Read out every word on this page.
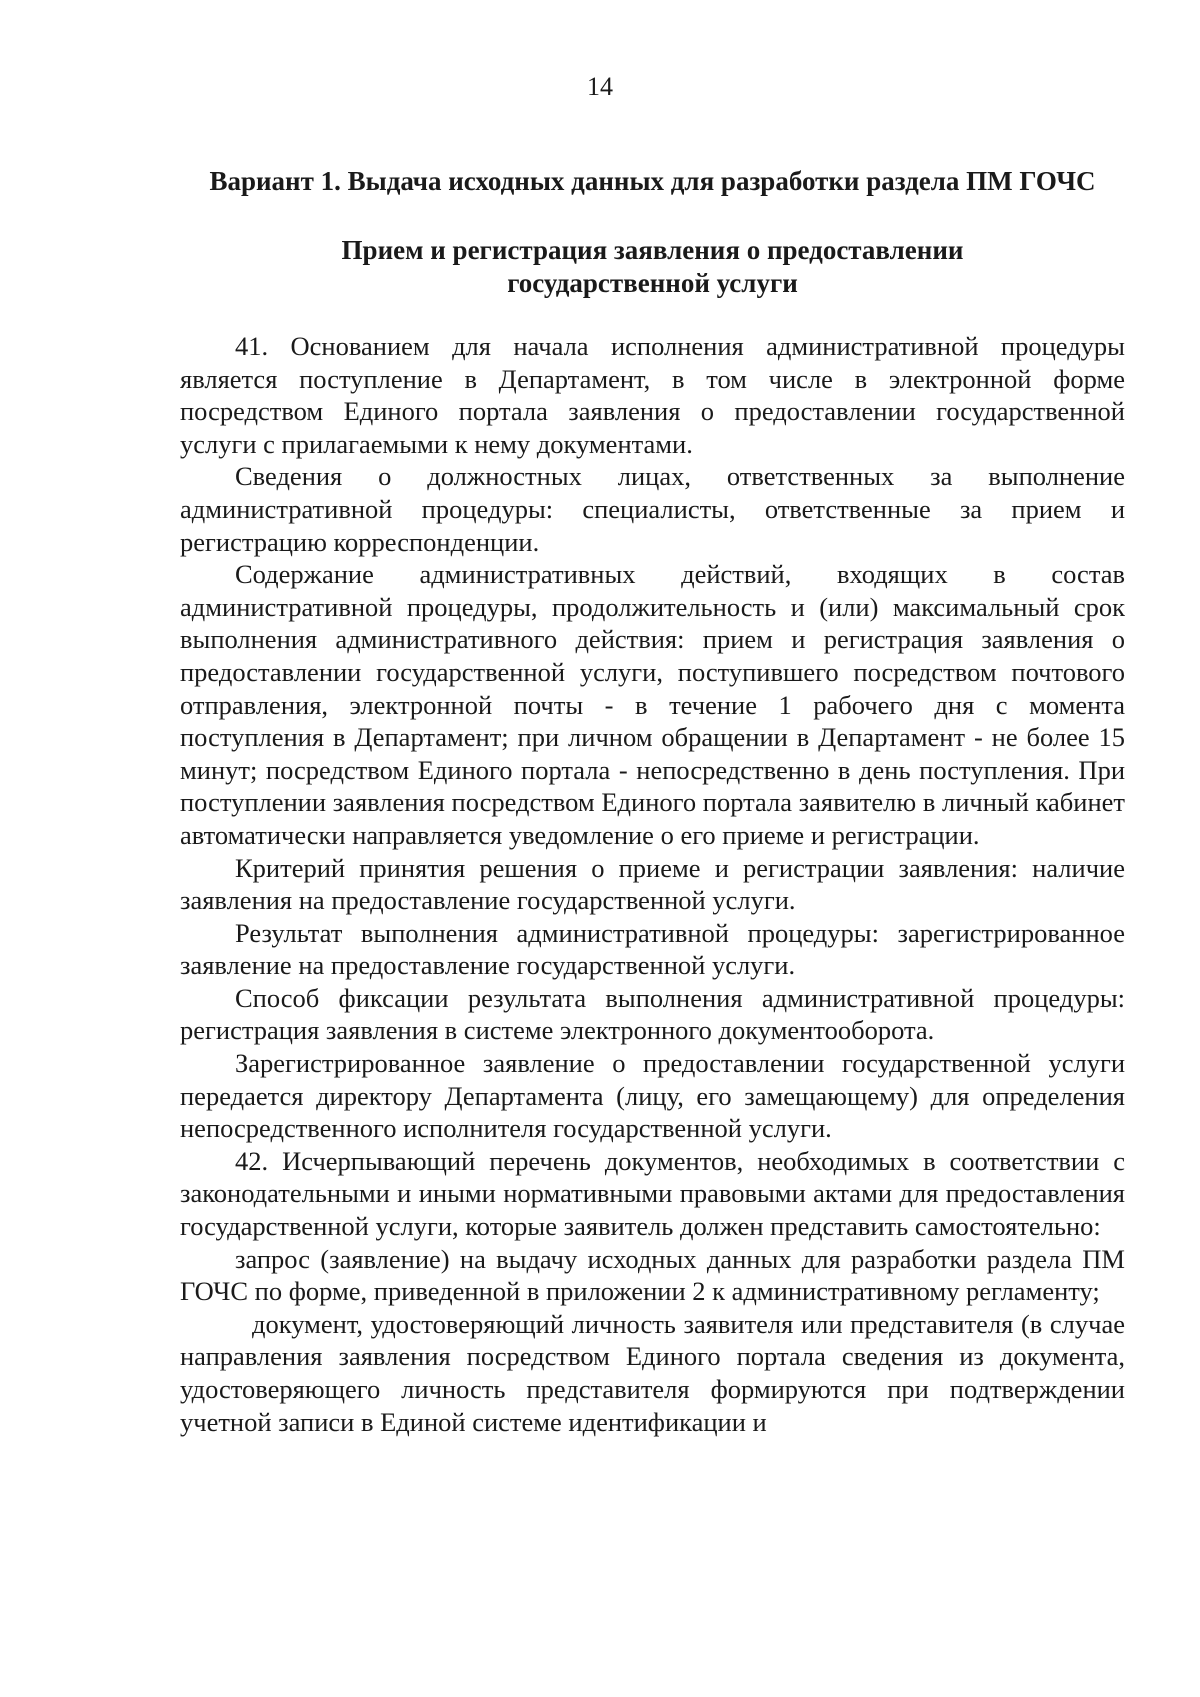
14
Вариант 1. Выдача исходных данных для разработки раздела ПМ ГОЧС
Прием и регистрация заявления о предоставлении
государственной услуги

41. Основанием для начала исполнения административной процедуры является поступление в Департамент, в том числе в электронной форме посредством Единого портала заявления о предоставлении государственной услуги с прилагаемыми к нему документами.

Сведения о должностных лицах, ответственных за выполнение административной процедуры: специалисты, ответственные за прием и регистрацию корреспонденции.

Содержание административных действий, входящих в состав административной процедуры, продолжительность и (или) максимальный срок выполнения административного действия: прием и регистрация заявления о предоставлении государственной услуги, поступившего посредством почтового отправления, электронной почты - в течение 1 рабочего дня с момента поступления в Департамент; при личном обращении в Департамент - не более 15 минут; посредством Единого портала - непосредственно в день поступления. При поступлении заявления посредством Единого портала заявителю в личный кабинет автоматически направляется уведомление о его приеме и регистрации.

Критерий принятия решения о приеме и регистрации заявления: наличие заявления на предоставление государственной услуги.

Результат выполнения административной процедуры: зарегистрированное заявление на предоставление государственной услуги.

Способ фиксации результата выполнения административной процедуры: регистрация заявления в системе электронного документооборота.

Зарегистрированное заявление о предоставлении государственной услуги передается директору Департамента (лицу, его замещающему) для определения непосредственного исполнителя государственной услуги.

42. Исчерпывающий перечень документов, необходимых в соответствии с законодательными и иными нормативными правовыми актами для предоставления государственной услуги, которые заявитель должен представить самостоятельно:

запрос (заявление) на выдачу исходных данных для разработки раздела ПМ ГОЧС по форме, приведенной в приложении 2 к административному регламенту;

документ, удостоверяющий личность заявителя или представителя (в случае направления заявления посредством Единого портала сведения из документа, удостоверяющего личность представителя формируются при подтверждении учетной записи в Единой системе идентификации и
